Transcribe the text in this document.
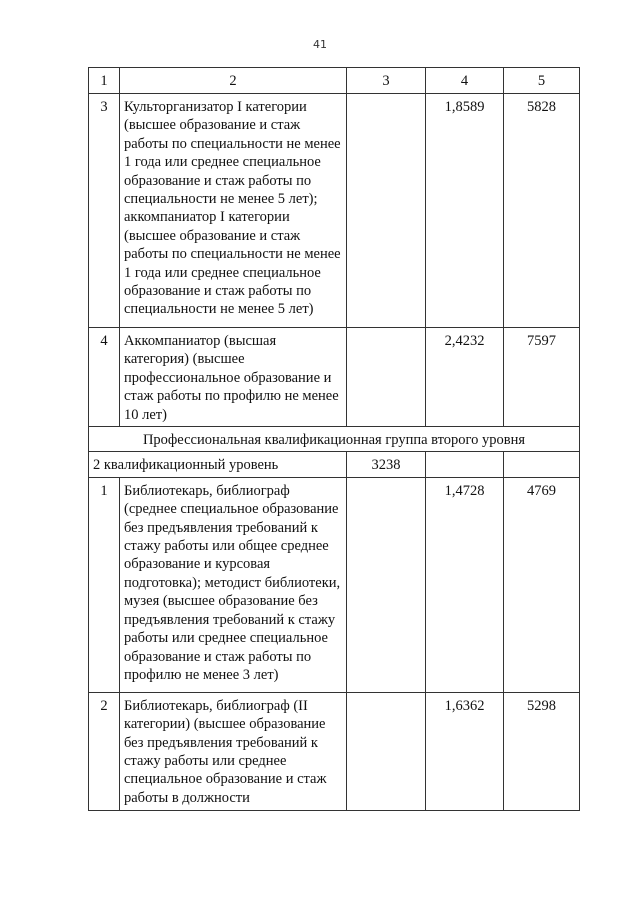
41
1	2	3	4	5
3	Культорганизатор I категории (высшее образование и стаж работы по специальности не менее 1 года или среднее специальное образование и стаж работы по специальности не менее 5 лет); аккомпаниатор I категории (высшее образование и стаж работы по специальности не менее 1 года или среднее специальное образование и стаж работы по специальности не менее 5 лет)		1,8589	5828
4	Аккомпаниатор (высшая категория) (высшее профессиональное образование и стаж работы по профилю не менее 10 лет)		2,4232	7597
Профессиональная квалификационная группа второго уровня				
2 квалификационный уровень		3238		
1	Библиотекарь, библиограф (среднее специальное образование без предъявления требований к стажу работы или общее среднее образование и курсовая подготовка); методист библиотеки, музея (высшее образование без предъявления требований к стажу работы или среднее специальное образование и стаж работы по профилю не менее 3 лет)		1,4728	4769
2	Библиотекарь, библиограф (II категории) (высшее образование без предъявления требований к стажу работы или среднее специальное образование и стаж работы в должности		1,6362	5298
